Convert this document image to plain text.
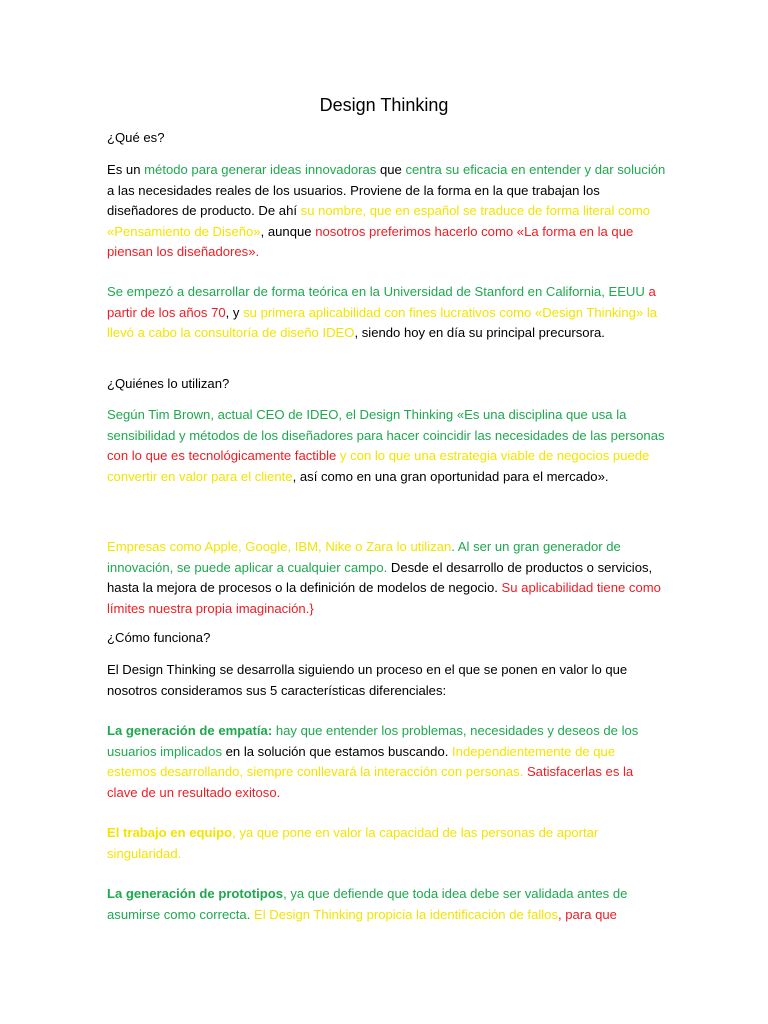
Design Thinking

¿Qué es?

Es un método para generar ideas innovadoras que centra su eficacia en entender y dar solución a las necesidades reales de los usuarios. Proviene de la forma en la que trabajan los diseñadores de producto. De ahí su nombre, que en español se traduce de forma literal como «Pensamiento de Diseño», aunque nosotros preferimos hacerlo como «La forma en la que piensan los diseñadores».

Se empezó a desarrollar de forma teórica en la Universidad de Stanford en California, EEUU a partir de los años 70, y su primera aplicabilidad con fines lucrativos como «Design Thinking» la llevó a cabo la consultoría de diseño IDEO, siendo hoy en día su principal precursora.

¿Quiénes lo utilizan?

Según Tim Brown, actual CEO de IDEO, el Design Thinking «Es una disciplina que usa la sensibilidad y métodos de los diseñadores para hacer coincidir las necesidades de las personas con lo que es tecnológicamente factible y con lo que una estrategia viable de negocios puede convertir en valor para el cliente, así como en una gran oportunidad para el mercado».

Empresas como Apple, Google, IBM, Nike o Zara lo utilizan. Al ser un gran generador de innovación, se puede aplicar a cualquier campo. Desde el desarrollo de productos o servicios, hasta la mejora de procesos o la definición de modelos de negocio. Su aplicabilidad tiene como límites nuestra propia imaginación.}

¿Cómo funciona?

El Design Thinking se desarrolla siguiendo un proceso en el que se ponen en valor lo que nosotros consideramos sus 5 características diferenciales:

La generación de empatía: hay que entender los problemas, necesidades y deseos de los usuarios implicados en la solución que estamos buscando. Independientemente de que estemos desarrollando, siempre conllevará la interacción con personas. Satisfacerlas es la clave de un resultado exitoso.

El trabajo en equipo, ya que pone en valor la capacidad de las personas de aportar singularidad.

La generación de prototipos, ya que defiende que toda idea debe ser validada antes de asumirse como correcta. El Design Thinking propicia la identificación de fallos, para que
